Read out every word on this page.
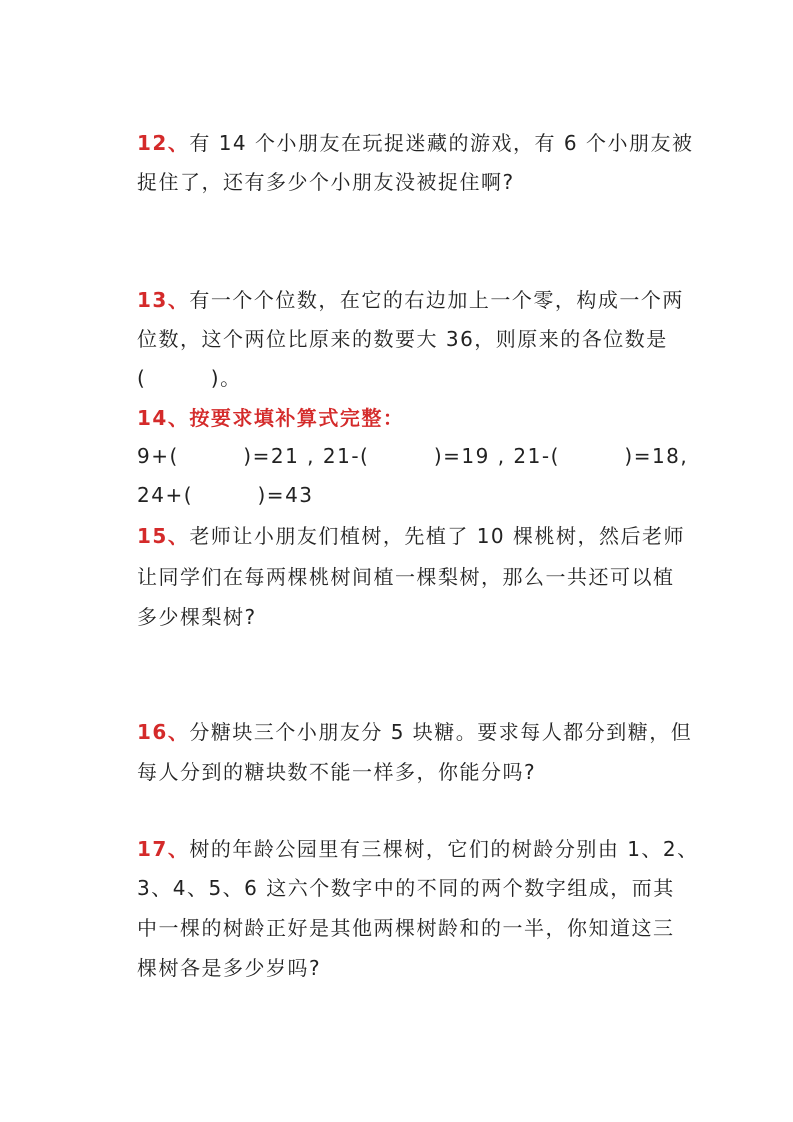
12、有 14 个小朋友在玩捉迷藏的游戏，有 6 个小朋友被
捉住了，还有多少个小朋友没被捉住啊?
13、有一个个位数，在它的右边加上一个零，构成一个两
位数，这个两位比原来的数要大 36，则原来的各位数是
(　　　)。
14、按要求填补算式完整：
9+(　　　)=21 , 21-(　　　)=19 , 21-(　　　)=18,
24+(　　　)=43
15、老师让小朋友们植树，先植了 10 棵桃树，然后老师
让同学们在每两棵桃树间植一棵梨树，那么一共还可以植
多少棵梨树?
16、分糖块三个小朋友分 5 块糖。要求每人都分到糖，但
每人分到的糖块数不能一样多，你能分吗?
17、树的年龄公园里有三棵树，它们的树龄分别由 1、2、
3、4、5、6 这六个数字中的不同的两个数字组成，而其
中一棵的树龄正好是其他两棵树龄和的一半，你知道这三
棵树各是多少岁吗?
